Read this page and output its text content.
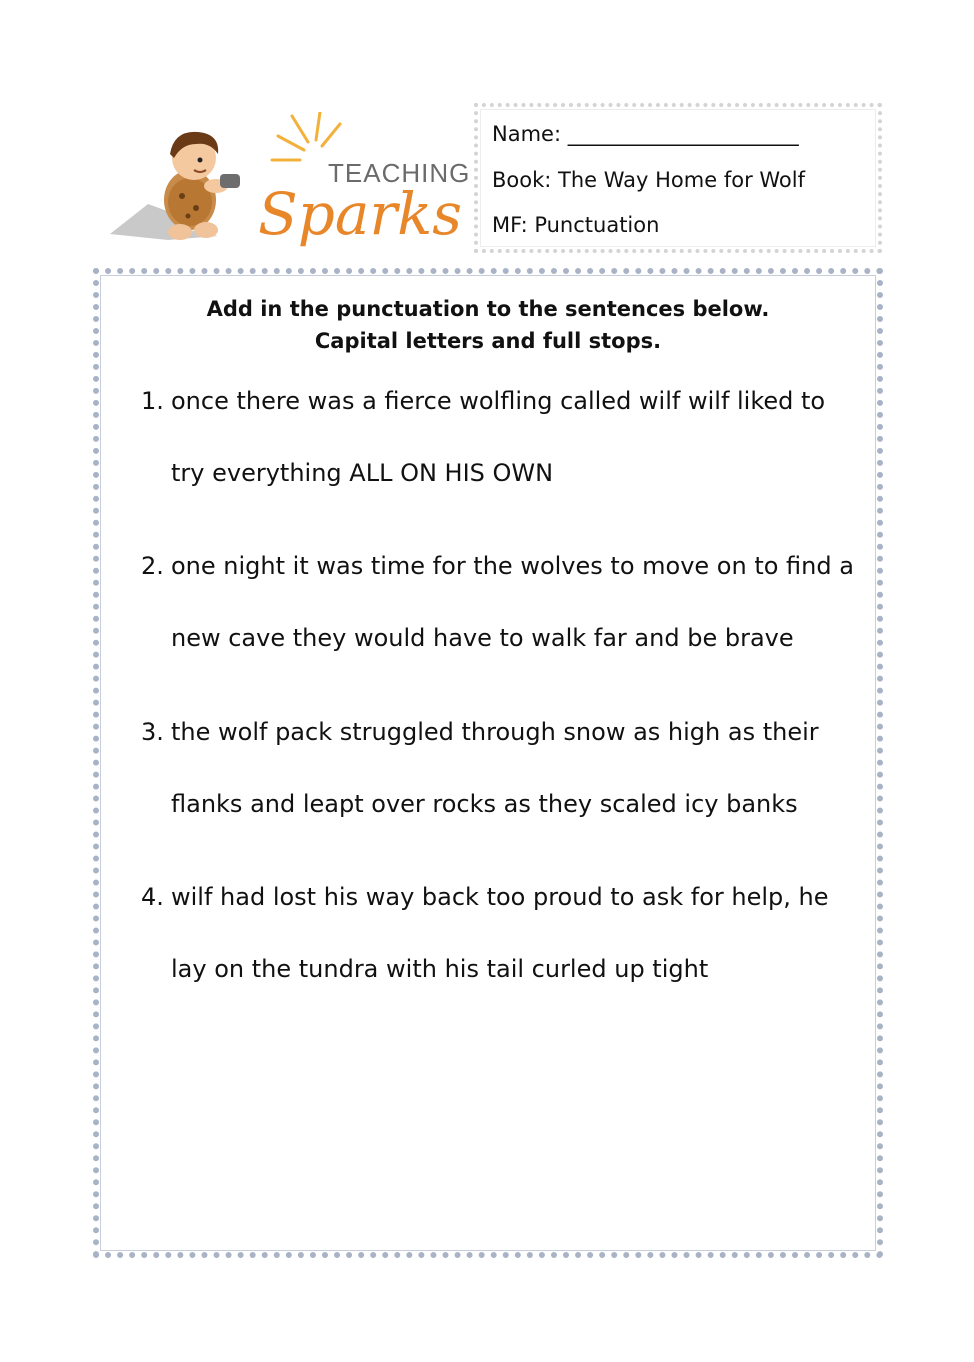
TEACHING
Sparks
Name: ______________________
Book: The Way Home for Wolf
MF: Punctuation
Add in the punctuation to the sentences below.
Capital letters and full stops.
1. once there was a fierce wolfling called wilf wilf liked to
try everything ALL ON HIS OWN
2. one night it was time for the wolves to move on to find a
new cave they would have to walk far and be brave
3. the wolf pack struggled through snow as high as their
flanks and leapt over rocks as they scaled icy banks
4. wilf had lost his way back too proud to ask for help, he
lay on the tundra with his tail curled up tight
